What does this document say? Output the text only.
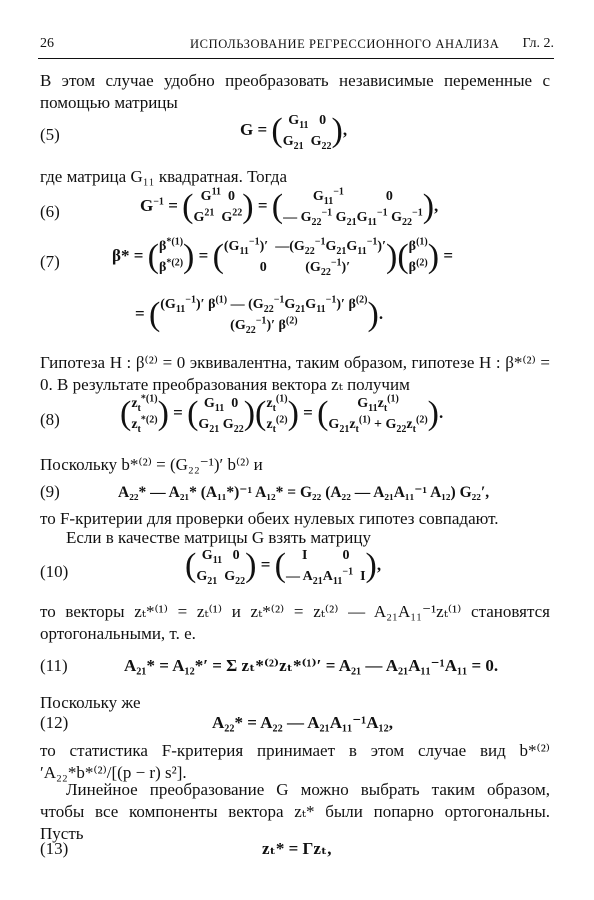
26	ИСПОЛЬЗОВАНИЕ РЕГРЕССИОННОГО АНАЛИЗА Гл. 2.
В этом случае удобно преобразовать независимые переменные с помощью матрицы
(5)	G = ( $G_{11}$   0
$G_{21}$  $G_{22}$ ),
где матрица G₁₁ квадратная. Тогда
(6)	$G^{-1}$ = ( $G^{11}$  0
$G^{21}$  $G^{22}$ ) = (	$G_{11}^{-1}$            0
— $G_{22}^{-1}$ $G_{21}G_{11}^{-1}$ $G_{22}^{-1}$ ),
(7)	β* = ( $\beta^{*(1)}$
$\beta^{*(2)}$ ) = ( $(G_{11}^{-1})'$  $—(G_{22}^{-1}G_{21}G_{11}^{-1})'$
0           $(G_{22}^{-1})'$	)( $\beta^{(1)}$
$\beta^{(2)}$ ) =
= ( $(G_{11}^{-1})'$ $\beta^{(1)}$ — $(G_{22}^{-1}G_{21}G_{11}^{-1})'$ $\beta^{(2)}$
$(G_{22}^{-1})'$ $\beta^{(2)}$	).
Гипотеза H : β⁽²⁾ = 0 эквивалентна, таким образом, гипотезе H : β*⁽²⁾ = 0. В результате преобразования вектора zₜ получим
(8) ( $z_t^{*(1)}$
$z_t^{*(2)}$ ) = ( $G_{11}$  0
$G_{21}$ $G_{22}$ )( $z_t^{(1)}$
$z_t^{(2)}$ ) = (	$G_{11}z_t^{(1)}$
$G_{21}z_t^{(1)} + G_{22}z_t^{(2)}$ ).
Поскольку b*⁽²⁾ = (G₂₂⁻¹)′ b⁽²⁾ и
(9)	A₂₂* — A₂₁* (A₁₁*)⁻¹ A₁₂* = G₂₂ (A₂₂ — A₂₁A₁₁⁻¹ A₁₂) G₂₂′,
то F-критерии для проверки обеих нулевых гипотез совпадают.
Если в качестве матрицы G взять матрицу
(10)	( $G_{11}$   0
$G_{21}$  $G_{22}$ ) = (	I          0
— $A_{21}A_{11}^{-1}$  I ),
то векторы zₜ*⁽¹⁾ = zₜ⁽¹⁾ и zₜ*⁽²⁾ = zₜ⁽²⁾ — A₂₁A₁₁⁻¹zₜ⁽¹⁾ становятся ортогональными, т. е.
(11)	A₂₁* = A₁₂*′ = Σ zₜ*⁽²⁾zₜ*⁽¹⁾′ = A₂₁ — A₂₁A₁₁⁻¹A₁₁ = 0.
Поскольку же
(12)	A₂₂* = A₂₂ — A₂₁A₁₁⁻¹A₁₂,
то статистика F-критерия принимает в этом случае вид b*⁽²⁾′A₂₂*b*⁽²⁾/[(p − r) s²].
Линейное преобразование G можно выбрать таким образом, чтобы все компоненты вектора zₜ* были попарно ортогональны. Пусть
(13)	zₜ* = Γzₜ,
